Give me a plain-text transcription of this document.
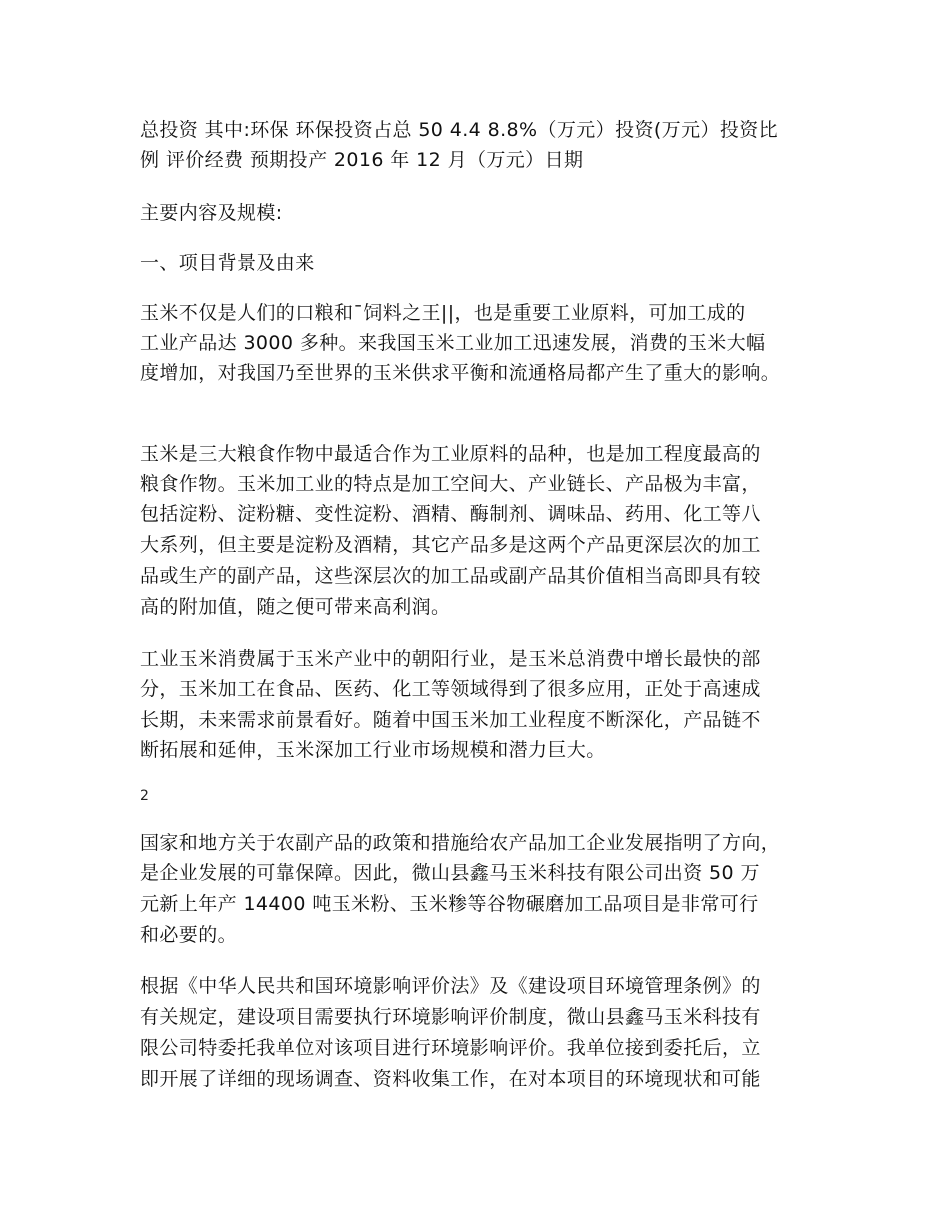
总投资 其中:环保 环保投资占总 50 4.4 8.8%（万元）投资(万元）投资比
例 评价经费 预期投产 2016 年 12 月（万元）日期
主要内容及规模:
一、项目背景及由来
玉米不仅是人们的口粮和¯饲料之王||，也是重要工业原料，可加工成的
工业产品达 3000 多种。来我国玉米工业加工迅速发展，消费的玉米大幅
度增加，对我国乃至世界的玉米供求平衡和流通格局都产生了重大的影响。
玉米是三大粮食作物中最适合作为工业原料的品种，也是加工程度最高的
粮食作物。玉米加工业的特点是加工空间大、产业链长、产品极为丰富，
包括淀粉、淀粉糖、变性淀粉、酒精、酶制剂、调味品、药用、化工等八
大系列，但主要是淀粉及酒精，其它产品多是这两个产品更深层次的加工
品或生产的副产品，这些深层次的加工品或副产品其价值相当高即具有较
高的附加值，随之便可带来高利润。
工业玉米消费属于玉米产业中的朝阳行业，是玉米总消费中增长最快的部
分，玉米加工在食品、医药、化工等领域得到了很多应用，正处于高速成
长期，未来需求前景看好。随着中国玉米加工业程度不断深化，产品链不
断拓展和延伸，玉米深加工行业市场规模和潜力巨大。
2
国家和地方关于农副产品的政策和措施给农产品加工企业发展指明了方向，
是企业发展的可靠保障。因此，微山县鑫马玉米科技有限公司出资 50 万
元新上年产 14400 吨玉米粉、玉米糁等谷物碾磨加工品项目是非常可行
和必要的。
根据《中华人民共和国环境影响评价法》及《建设项目环境管理条例》的
有关规定，建设项目需要执行环境影响评价制度，微山县鑫马玉米科技有
限公司特委托我单位对该项目进行环境影响评价。我单位接到委托后，立
即开展了详细的现场调查、资料收集工作，在对本项目的环境现状和可能
